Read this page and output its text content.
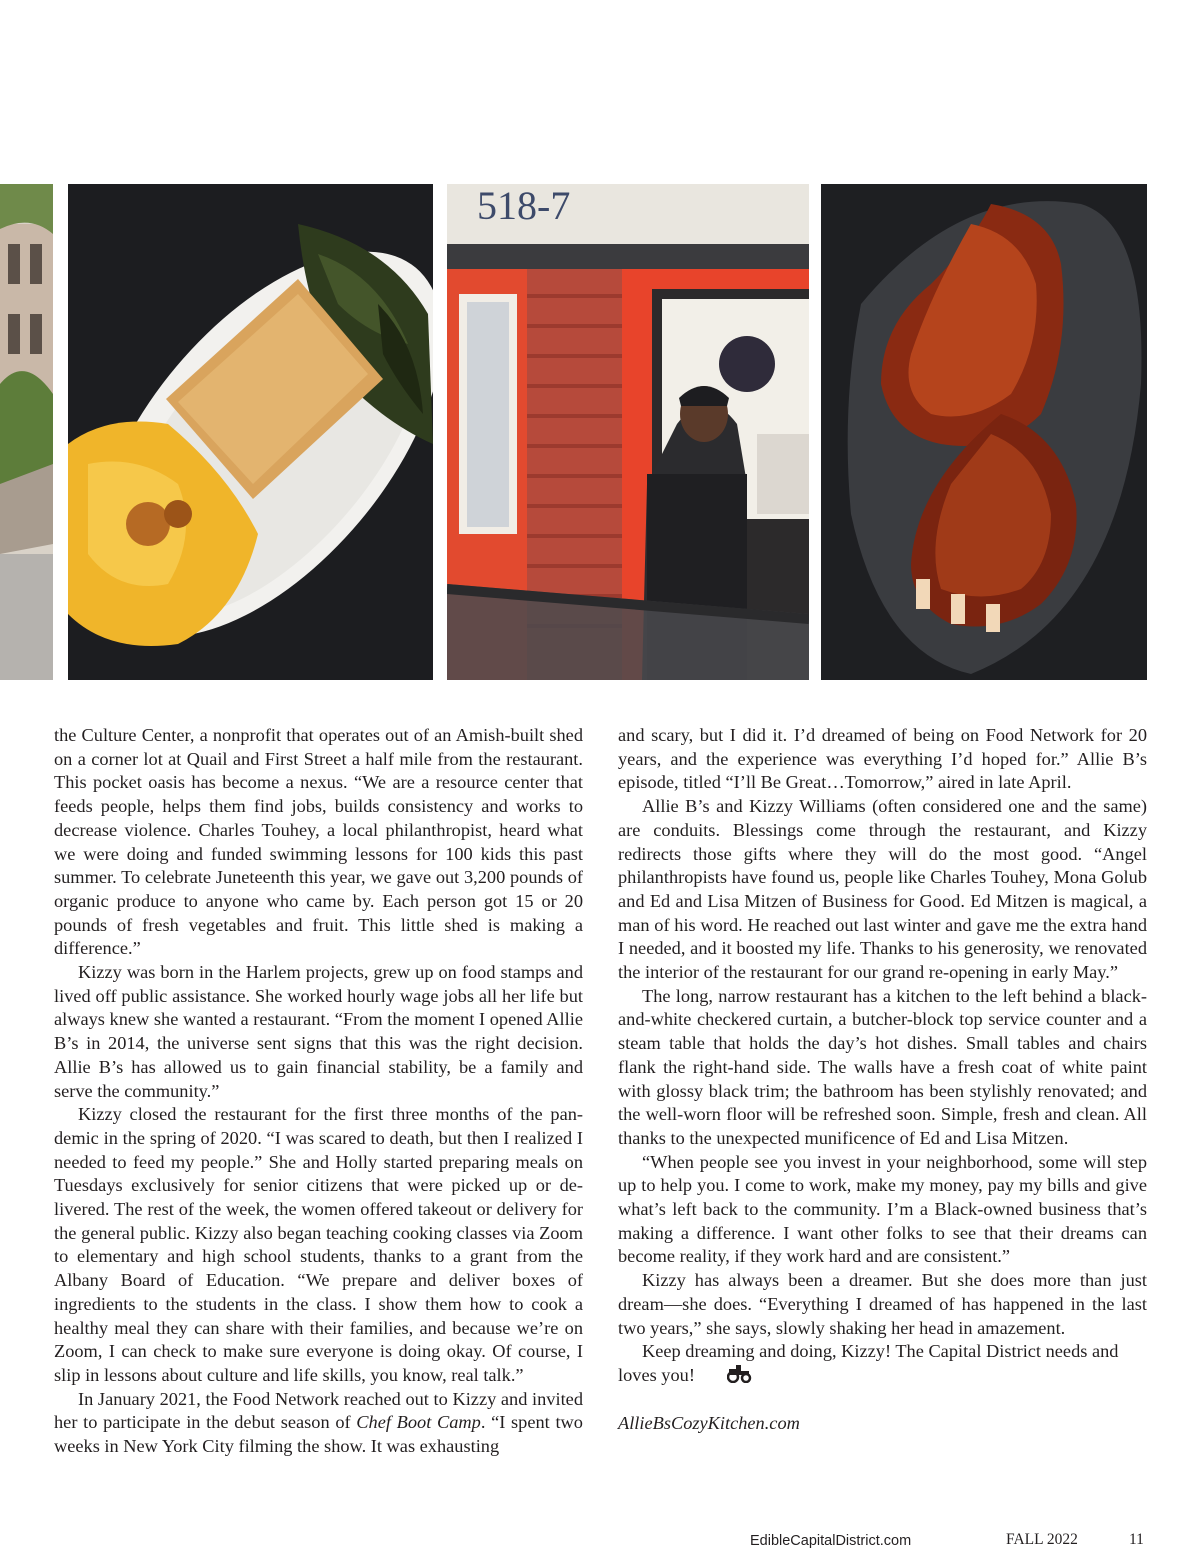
518-7

the Culture Center, a nonprofit that operates out of an Amish-built shed on a corner lot at Quail and First Street a half mile from the restaurant. This pocket oasis has become a nexus. “We are a resource center that feeds people, helps them find jobs, builds consistency and works to decrease violence. Charles Touhey, a local philanthropist, heard what we were doing and funded swimming lessons for 100 kids this past summer. To celebrate Juneteenth this year, we gave out 3,200 pounds of organic produce to anyone who came by. Each person got 15 or 20 pounds of fresh vegetables and fruit. This little shed is making a difference.”

Kizzy was born in the Harlem projects, grew up on food stamps and lived off public assistance. She worked hourly wage jobs all her life but always knew she wanted a restaurant. “From the moment I opened Allie B’s in 2014, the universe sent signs that this was the right decision. Allie B’s has allowed us to gain financial stability, be a family and serve the community.”

Kizzy closed the restaurant for the first three months of the pandemic in the spring of 2020. “I was scared to death, but then I realized I needed to feed my people.” She and Holly started preparing meals on Tuesdays exclusively for senior citizens that were picked up or delivered. The rest of the week, the women offered takeout or delivery for the general public. Kizzy also began teaching cooking classes via Zoom to elementary and high school students, thanks to a grant from the Albany Board of Education. “We prepare and deliver boxes of ingredients to the students in the class. I show them how to cook a healthy meal they can share with their families, and because we’re on Zoom, I can check to make sure everyone is doing okay. Of course, I slip in lessons about culture and life skills, you know, real talk.”

In January 2021, the Food Network reached out to Kizzy and invited her to participate in the debut season of Chef Boot Camp. “I spent two weeks in New York City filming the show. It was exhausting

and scary, but I did it. I’d dreamed of being on Food Network for 20 years, and the experience was everything I’d hoped for.” Allie B’s episode, titled “I’ll Be Great…Tomorrow,” aired in late April.

Allie B’s and Kizzy Williams (often considered one and the same) are conduits. Blessings come through the restaurant, and Kizzy redirects those gifts where they will do the most good. “Angel philanthropists have found us, people like Charles Touhey, Mona Golub and Ed and Lisa Mitzen of Business for Good. Ed Mitzen is magical, a man of his word. He reached out last winter and gave me the extra hand I needed, and it boosted my life. Thanks to his generosity, we renovated the interior of the restaurant for our grand re-opening in early May.”

The long, narrow restaurant has a kitchen to the left behind a black-and-white checkered curtain, a butcher-block top service counter and a steam table that holds the day’s hot dishes. Small tables and chairs flank the right-hand side. The walls have a fresh coat of white paint with glossy black trim; the bathroom has been stylishly renovated; and the well-worn floor will be refreshed soon. Simple, fresh and clean. All thanks to the unexpected munificence of Ed and Lisa Mitzen.

“When people see you invest in your neighborhood, some will step up to help you. I come to work, make my money, pay my bills and give what’s left back to the community. I’m a Black-owned business that’s making a difference. I want other folks to see that their dreams can become reality, if they work hard and are consistent.”

Kizzy has always been a dreamer. But she does more than just dream—she does. “Everything I dreamed of has happened in the last two years,” she says, slowly shaking her head in amazement.

Keep dreaming and doing, Kizzy! The Capital District needs and loves you!

AllieBsCozyKitchen.com

EdibleCapitalDistrict.com	FALL 2022	11
